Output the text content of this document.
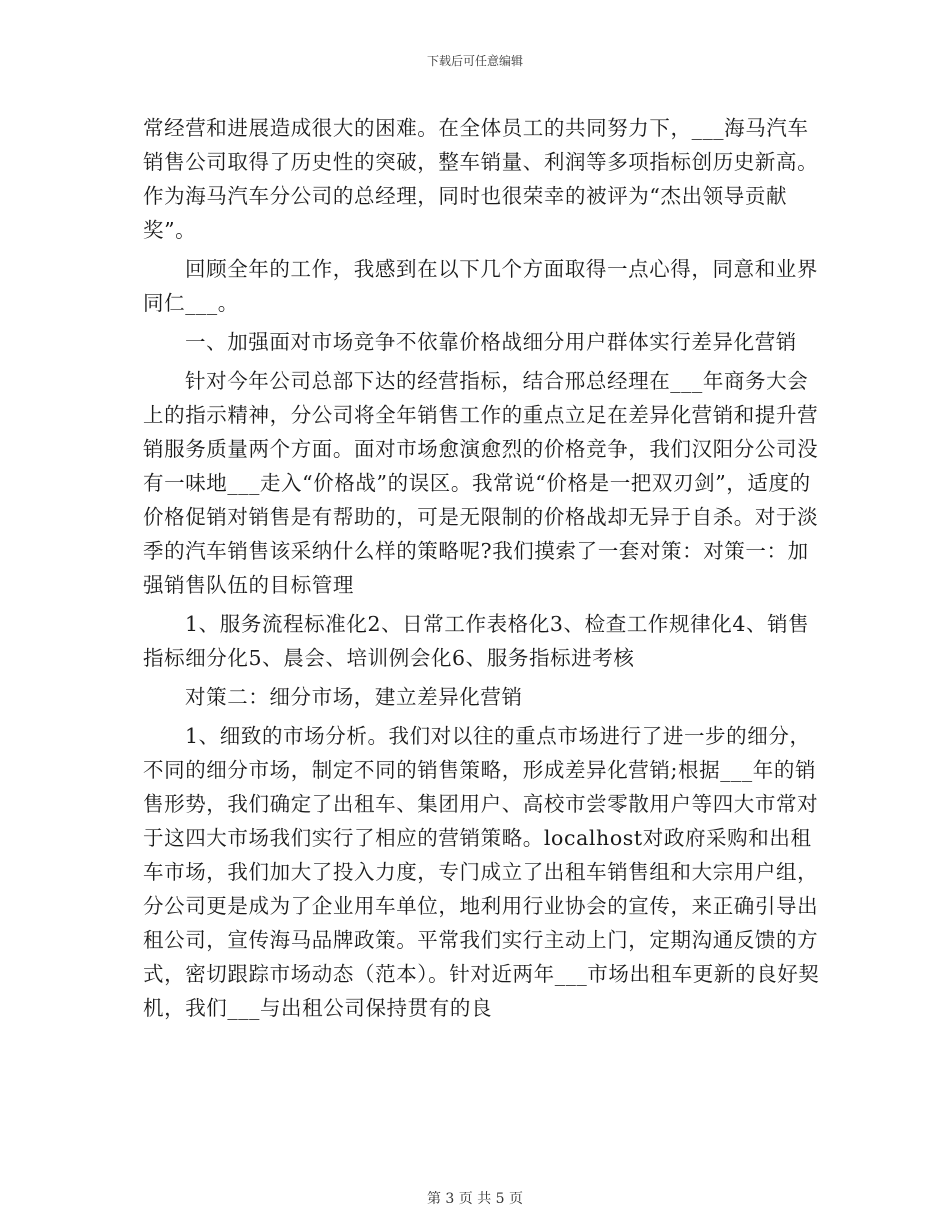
下载后可任意编辑

常经营和进展造成很大的困难。在全体员工的共同努力下，___海马汽车销售公司取得了历史性的突破，整车销量、利润等多项指标创历史新高。作为海马汽车分公司的总经理，同时也很荣幸的被评为“杰出领导贡献奖”。

回顾全年的工作，我感到在以下几个方面取得一点心得，同意和业界同仁___。

一、加强面对市场竞争不依靠价格战细分用户群体实行差异化营销

针对今年公司总部下达的经营指标，结合邢总经理在___年商务大会上的指示精神，分公司将全年销售工作的重点立足在差异化营销和提升营销服务质量两个方面。面对市场愈演愈烈的价格竞争，我们汉阳分公司没有一味地___走入“价格战”的误区。我常说“价格是一把双刃剑”，适度的价格促销对销售是有帮助的，可是无限制的价格战却无异于自杀。对于淡季的汽车销售该采纳什么样的策略呢?我们摸索了一套对策：对策一：加强销售队伍的目标管理

1、服务流程标准化2、日常工作表格化3、检查工作规律化4、销售指标细分化5、晨会、培训例会化6、服务指标进考核

对策二：细分市场，建立差异化营销

1、细致的市场分析。我们对以往的重点市场进行了进一步的细分，不同的细分市场，制定不同的销售策略，形成差异化营销;根据___年的销售形势，我们确定了出租车、集团用户、高校市尝零散用户等四大市常对于这四大市场我们实行了相应的营销策略。localhost对政府采购和出租车市场，我们加大了投入力度，专门成立了出租车销售组和大宗用户组，分公司更是成为了企业用车单位，地利用行业协会的宣传，来正确引导出租公司，宣传海马品牌政策。平常我们实行主动上门，定期沟通反馈的方式，密切跟踪市场动态（范本）。针对近两年___市场出租车更新的良好契机，我们___与出租公司保持贯有的良

第 3 页 共 5 页
